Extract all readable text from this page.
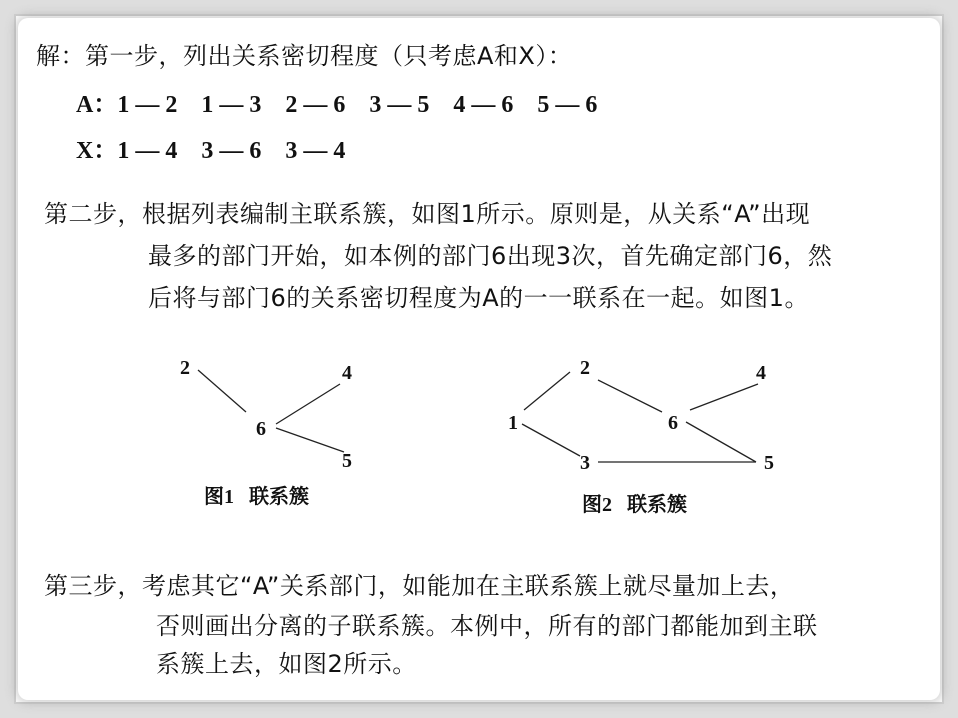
解：第一步，列出关系密切程度（只考虑A和X）：
A：1 — 2    1 — 3    2 — 6    3 — 5    4 — 6    5 — 6
X：1 — 4    3 — 6    3 — 4
第二步，根据列表编制主联系簇，如图1所示。原则是，从关系“A”出现
最多的部门开始，如本例的部门6出现3次，首先确定部门6，然
后将与部门6的关系密切程度为A的一一联系在一起。如图1。
2	4
6
5
图1   联系簇
2	4
1	6
3	5
图2   联系簇
第三步，考虑其它“A”关系部门，如能加在主联系簇上就尽量加上去，
否则画出分离的子联系簇。本例中，所有的部门都能加到主联
系簇上去，如图2所示。
